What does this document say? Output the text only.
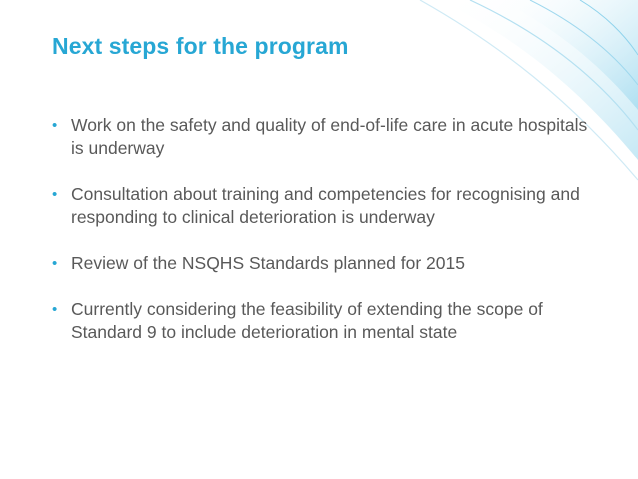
Next steps for the program
• Work on the safety and quality of end-of-life care in acute hospitals is underway
• Consultation about training and competencies for recognising and responding to clinical deterioration is underway
• Review of the NSQHS Standards planned for 2015
• Currently considering the feasibility of extending the scope of Standard 9 to include deterioration in mental state
